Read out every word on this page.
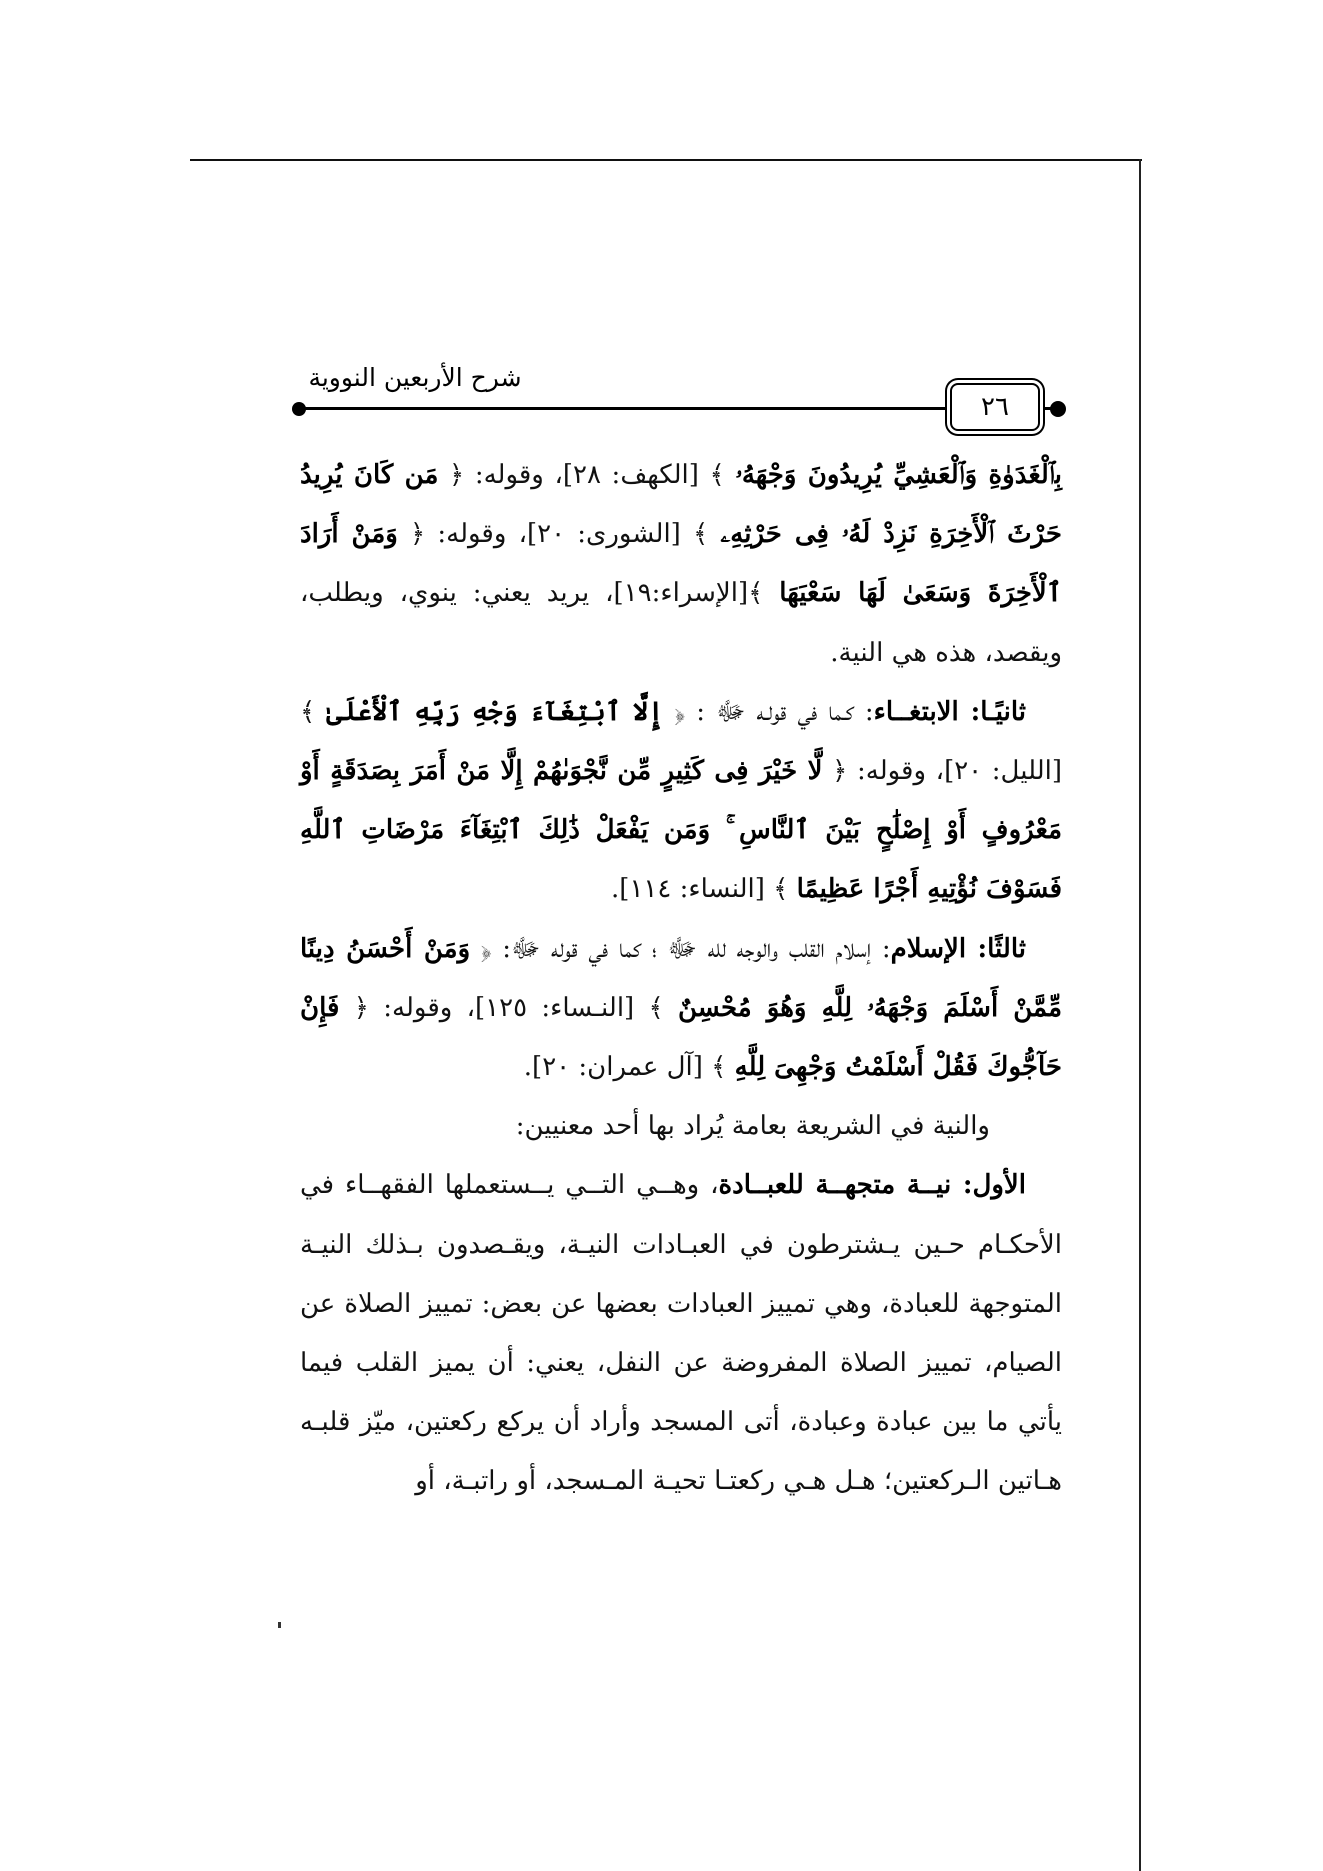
شرح الأربعين النووية
٢٦

بِٱلْغَدَوٰةِ وَٱلْعَشِيِّ يُرِيدُونَ وَجْهَهُۥ ﴾ [الكهف: ٢٨]، وقوله: ﴿ مَن كَانَ يُرِيدُ حَرْثَ ٱلْأَخِرَةِ نَزِدْ لَهُۥ فِى حَرْثِهِۦ ﴾ [الشورى: ٢٠]، وقوله: ﴿ وَمَنْ أَرَادَ ٱلْأَخِرَةَ وَسَعَىٰ لَهَا سَعْيَهَا ﴾[الإسراء:١٩]، يريد يعني: ينوي، ويطلب، ويقصد، هذه هي النية.

ثانيًـا: الابتغــاء: كـما في قولـه ﷻ : ﴿ إِلَّا ٱبْتِغَآءَ وَجْهِ رَبِّهِ ٱلْأَعْلَىٰ ﴾ [الليل: ٢٠]، وقوله: ﴿ لَّا خَيْرَ فِى كَثِيرٍ مِّن نَّجْوَىٰهُمْ إِلَّا مَنْ أَمَرَ بِصَدَقَةٍ أَوْ مَعْرُوفٍ أَوْ إِصْلَٰحٍ بَيْنَ ٱلنَّاسِ ۚ وَمَن يَفْعَلْ ذَٰلِكَ ٱبْتِغَآءَ مَرْضَاتِ ٱللَّهِ فَسَوْفَ نُؤْتِيهِ أَجْرًا عَظِيمًا ﴾ [النساء: ١١٤].

ثالثًا: الإسلام: إسلام القلب والوجه لله ﷻ ؛ كما في قوله ﷻ: ﴿ وَمَنْ أَحْسَنُ دِينًا مِّمَّنْ أَسْلَمَ وَجْهَهُۥ لِلَّهِ وَهُوَ مُحْسِنٌ ﴾ [النـساء: ١٢٥]، وقوله: ﴿ فَإِنْ حَآجُّوكَ فَقُلْ أَسْلَمْتُ وَجْهِىَ لِلَّهِ ﴾ [آل عمران: ٢٠].

والنية في الشريعة بعامة يُراد بها أحد معنيين:

الأول: نيــة متجهــة للعبــادة، وهــي التــي يــستعملها الفقهــاء في الأحكـام حـين يـشترطون في العبـادات النيـة، ويقـصدون بـذلك النيـة المتوجهة للعبادة، وهي تمييز العبادات بعضها عن بعض: تمييز الصلاة عن الصيام، تمييز الصلاة المفروضة عن النفل، يعني: أن يميز القلب فيما يأتي ما بين عبادة وعبادة، أتى المسجد وأراد أن يركع ركعتين، ميّز قلبـه هـاتين الـركعتين؛ هـل هـي ركعتـا تحيـة المـسجد، أو راتبـة، أو
